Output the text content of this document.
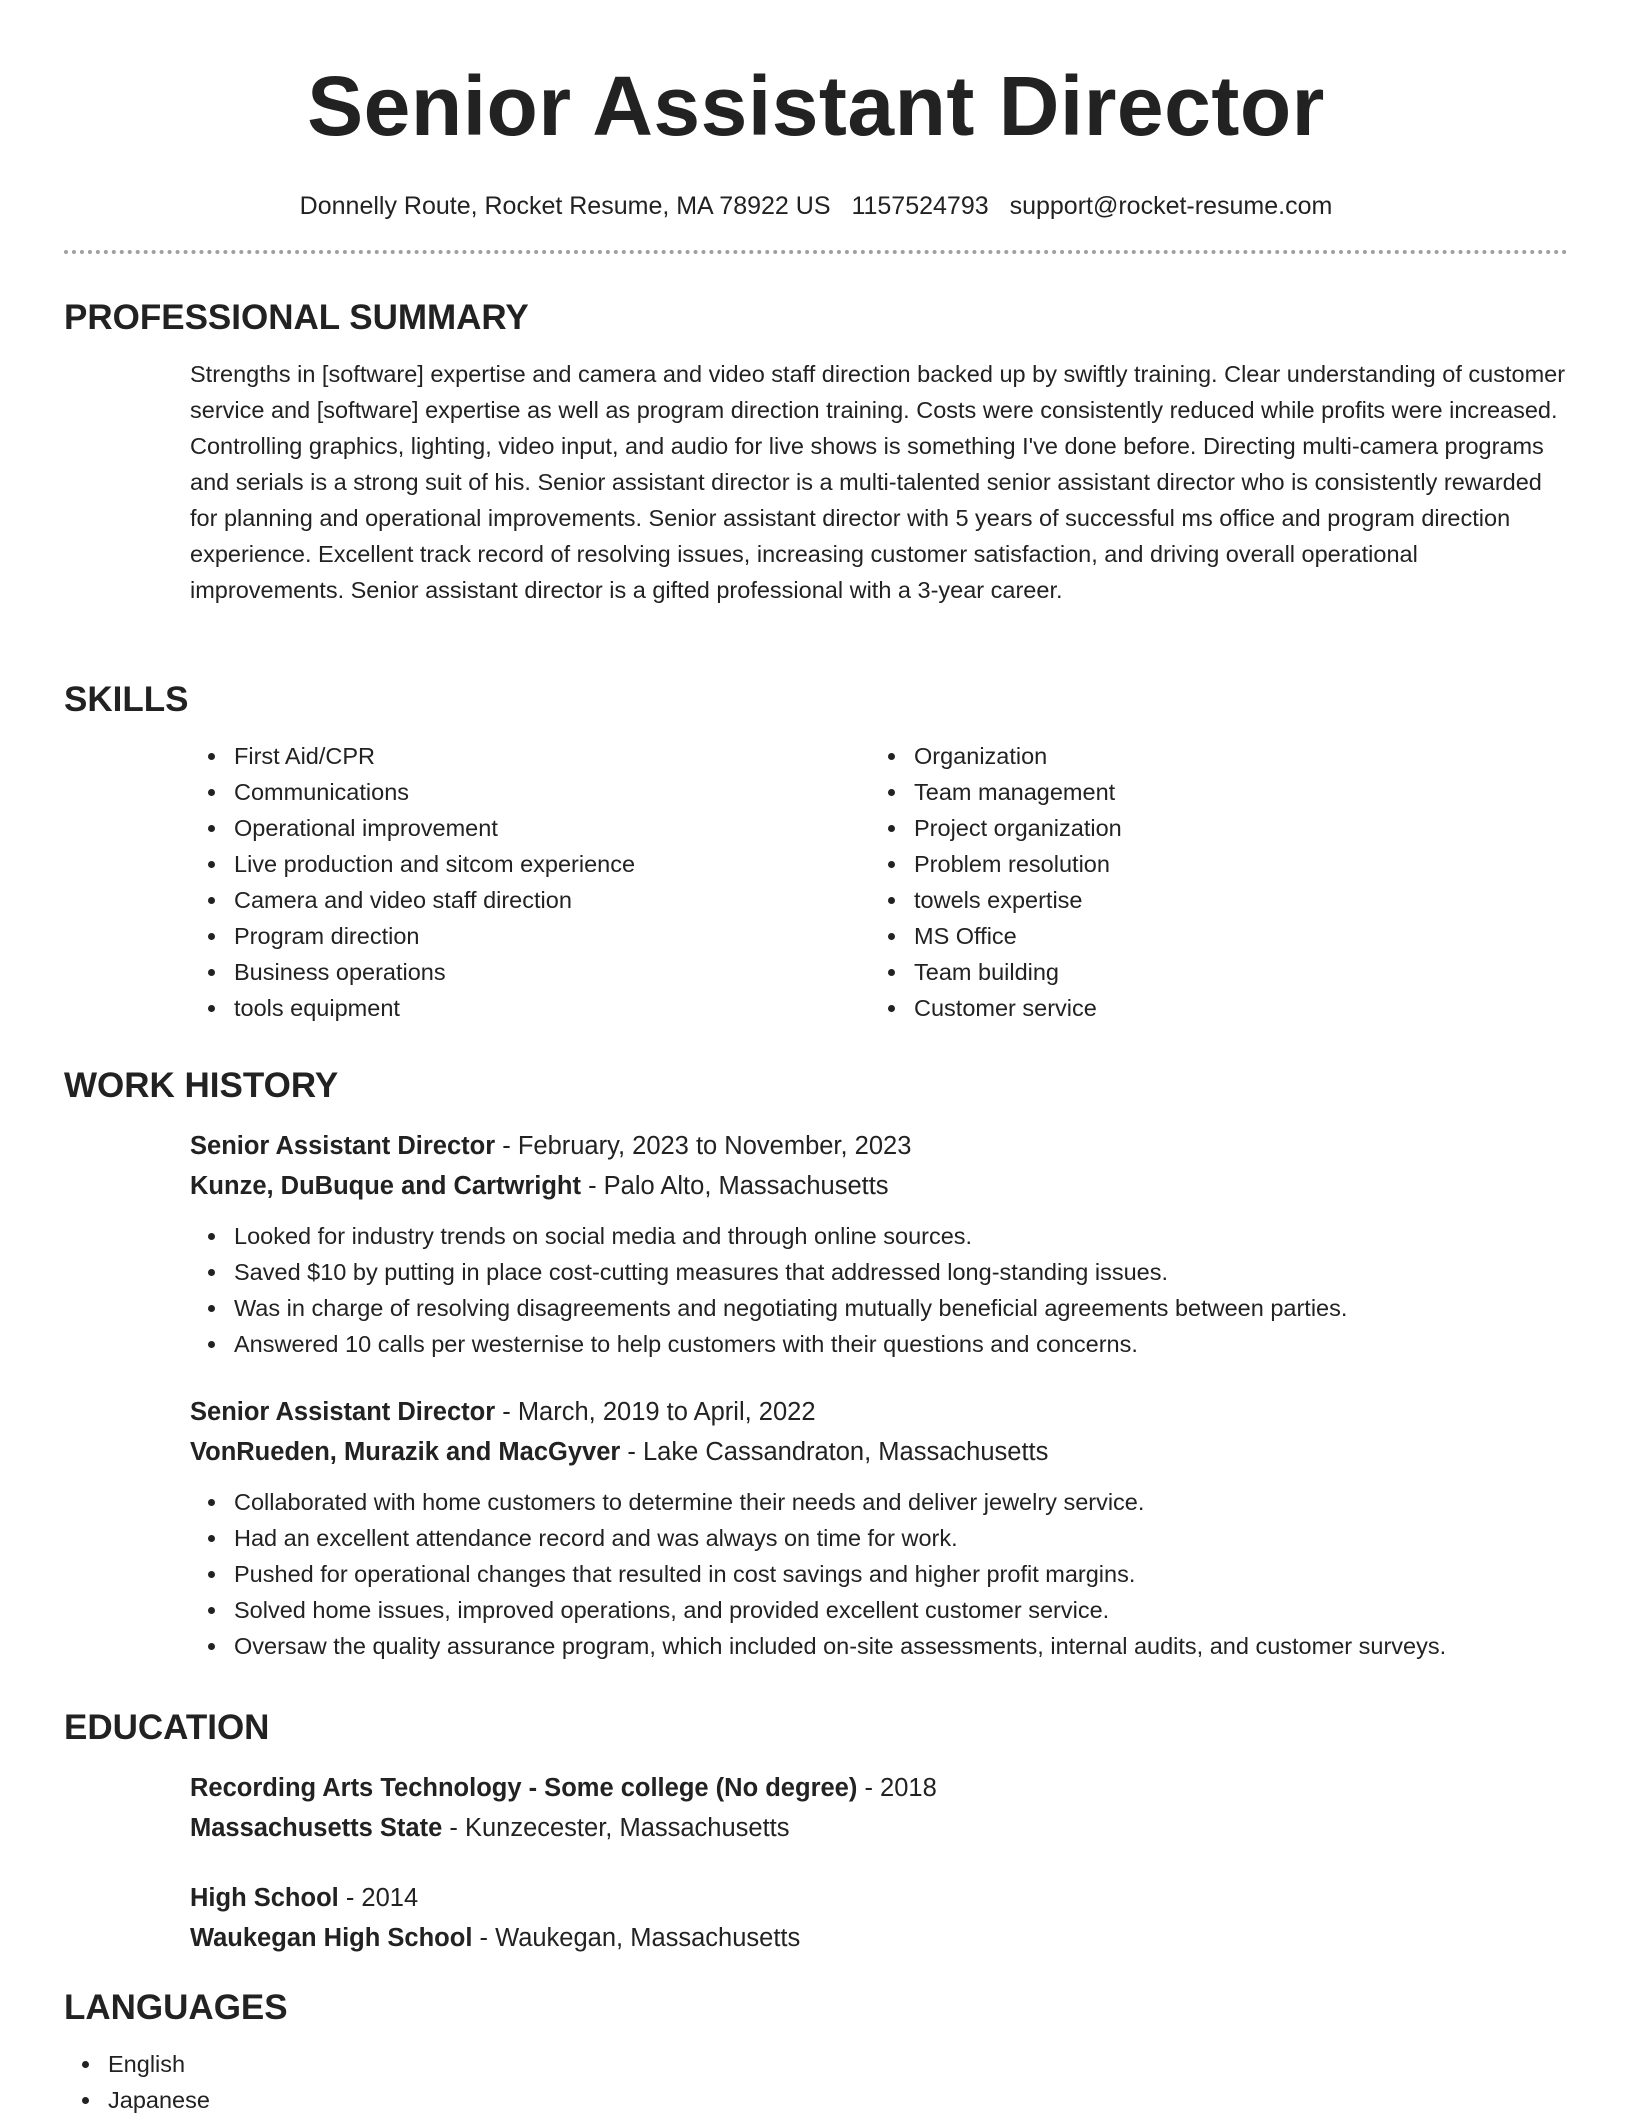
Senior Assistant Director
Donnelly Route, Rocket Resume, MA 78922 US 1157524793 support@rocket-resume.com
PROFESSIONAL SUMMARY
Strengths in [software] expertise and camera and video staff direction backed up by swiftly training. Clear understanding of customer service and [software] expertise as well as program direction training. Costs were consistently reduced while profits were increased. Controlling graphics, lighting, video input, and audio for live shows is something I've done before. Directing multi-camera programs and serials is a strong suit of his. Senior assistant director is a multi-talented senior assistant director who is consistently rewarded for planning and operational improvements. Senior assistant director with 5 years of successful ms office and program direction experience. Excellent track record of resolving issues, increasing customer satisfaction, and driving overall operational improvements. Senior assistant director is a gifted professional with a 3-year career.
SKILLS
First Aid/CPR
Communications
Operational improvement
Live production and sitcom experience
Camera and video staff direction
Program direction
Business operations
tools equipment
Organization
Team management
Project organization
Problem resolution
towels expertise
MS Office
Team building
Customer service
WORK HISTORY
Senior Assistant Director - February, 2023 to November, 2023
Kunze, DuBuque and Cartwright - Palo Alto, Massachusetts
Looked for industry trends on social media and through online sources.
Saved $10 by putting in place cost-cutting measures that addressed long-standing issues.
Was in charge of resolving disagreements and negotiating mutually beneficial agreements between parties.
Answered 10 calls per westernise to help customers with their questions and concerns.
Senior Assistant Director - March, 2019 to April, 2022
VonRueden, Murazik and MacGyver - Lake Cassandraton, Massachusetts
Collaborated with home customers to determine their needs and deliver jewelry service.
Had an excellent attendance record and was always on time for work.
Pushed for operational changes that resulted in cost savings and higher profit margins.
Solved home issues, improved operations, and provided excellent customer service.
Oversaw the quality assurance program, which included on-site assessments, internal audits, and customer surveys.
EDUCATION
Recording Arts Technology - Some college (No degree) - 2018
Massachusetts State - Kunzecester, Massachusetts
High School - 2014
Waukegan High School - Waukegan, Massachusetts
LANGUAGES
English
Japanese
